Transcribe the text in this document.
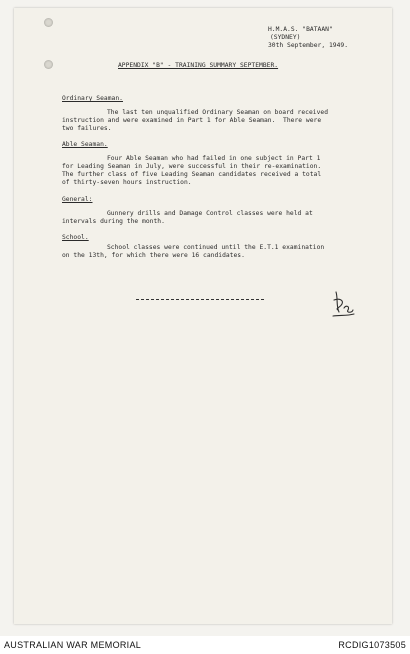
H.M.A.S. "BATAAN"
(SYDNEY)
30th September, 1949.
APPENDIX "B" - TRAINING SUMMARY SEPTEMBER.
Ordinary Seaman.
The last ten unqualified Ordinary Seaman on board received
instruction and were examined in Part 1 for Able Seaman.  There were
two failures.
Able Seaman.
Four Able Seaman who had failed in one subject in Part 1
for Leading Seaman in July, were successful in their re-examination.
The further class of five Leading Seaman candidates received a total
of thirty-seven hours instruction.
General:
Gunnery drills and Damage Control classes were held at
intervals during the month.
School.
School classes were continued until the E.T.1 examination
on the 13th, for which there were 16 candidates.
AUSTRALIAN WAR MEMORIAL	RCDIG1073505
